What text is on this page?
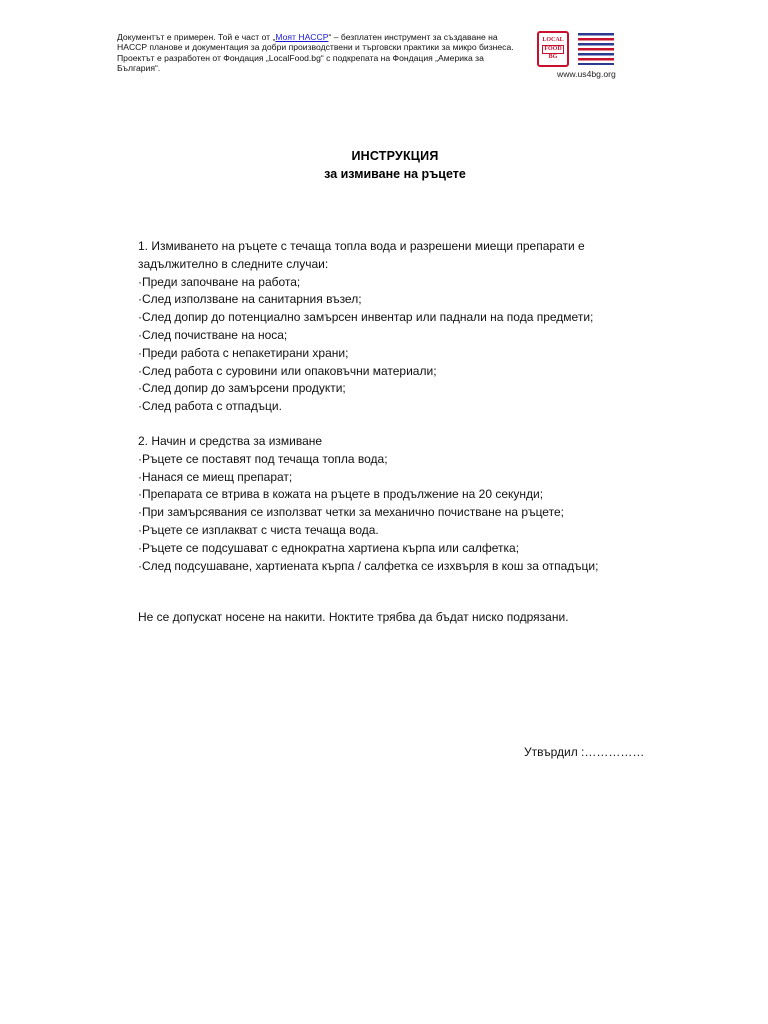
Документът е примерен. Той е част от „Моят HACCP“ – безплатен инструмент за създаване на HACCP планове и документация за добри производствени и търговски практики за микро бизнеса. Проектът е разработен от Фондация „LocalFood.bg“ с подкрепата на Фондация „Америка за България“.
LOCAL
FOOD
BG
www.us4bg.org
ИНСТРУКЦИЯ
за измиване на ръцете
1. Измиването на ръцете с течаща топла вода и разрешени миещи препарати е
задължително в следните случаи:
·Преди започване на работа;
·След използване на санитарния възел;
·След допир до потенциално замърсен инвентар или паднали на пода предмети;
·След почистване на носа;
·Преди работа с непакетирани храни;
·След работа с суровини или опаковъчни материали;
·След допир до замърсени продукти;
·След работа с отпадъци.
2. Начин и средства за измиване
·Ръцете се поставят под течаща топла вода;
·Нанася се миещ препарат;
·Препарата се втрива в кожата на ръцете в продължение на 20 секунди;
·При замърсявания се използват четки за механично почистване на ръцете;
·Ръцете се изплакват с чиста течаща вода.
·Ръцете се подсушават с еднократна хартиена кърпа или салфетка;
·След подсушаване, хартиената кърпа / салфетка се изхвърля в кош за отпадъци;
Не се допускат носене на накити. Ноктите трябва да бъдат ниско подрязани.
Утвърдил :……………
